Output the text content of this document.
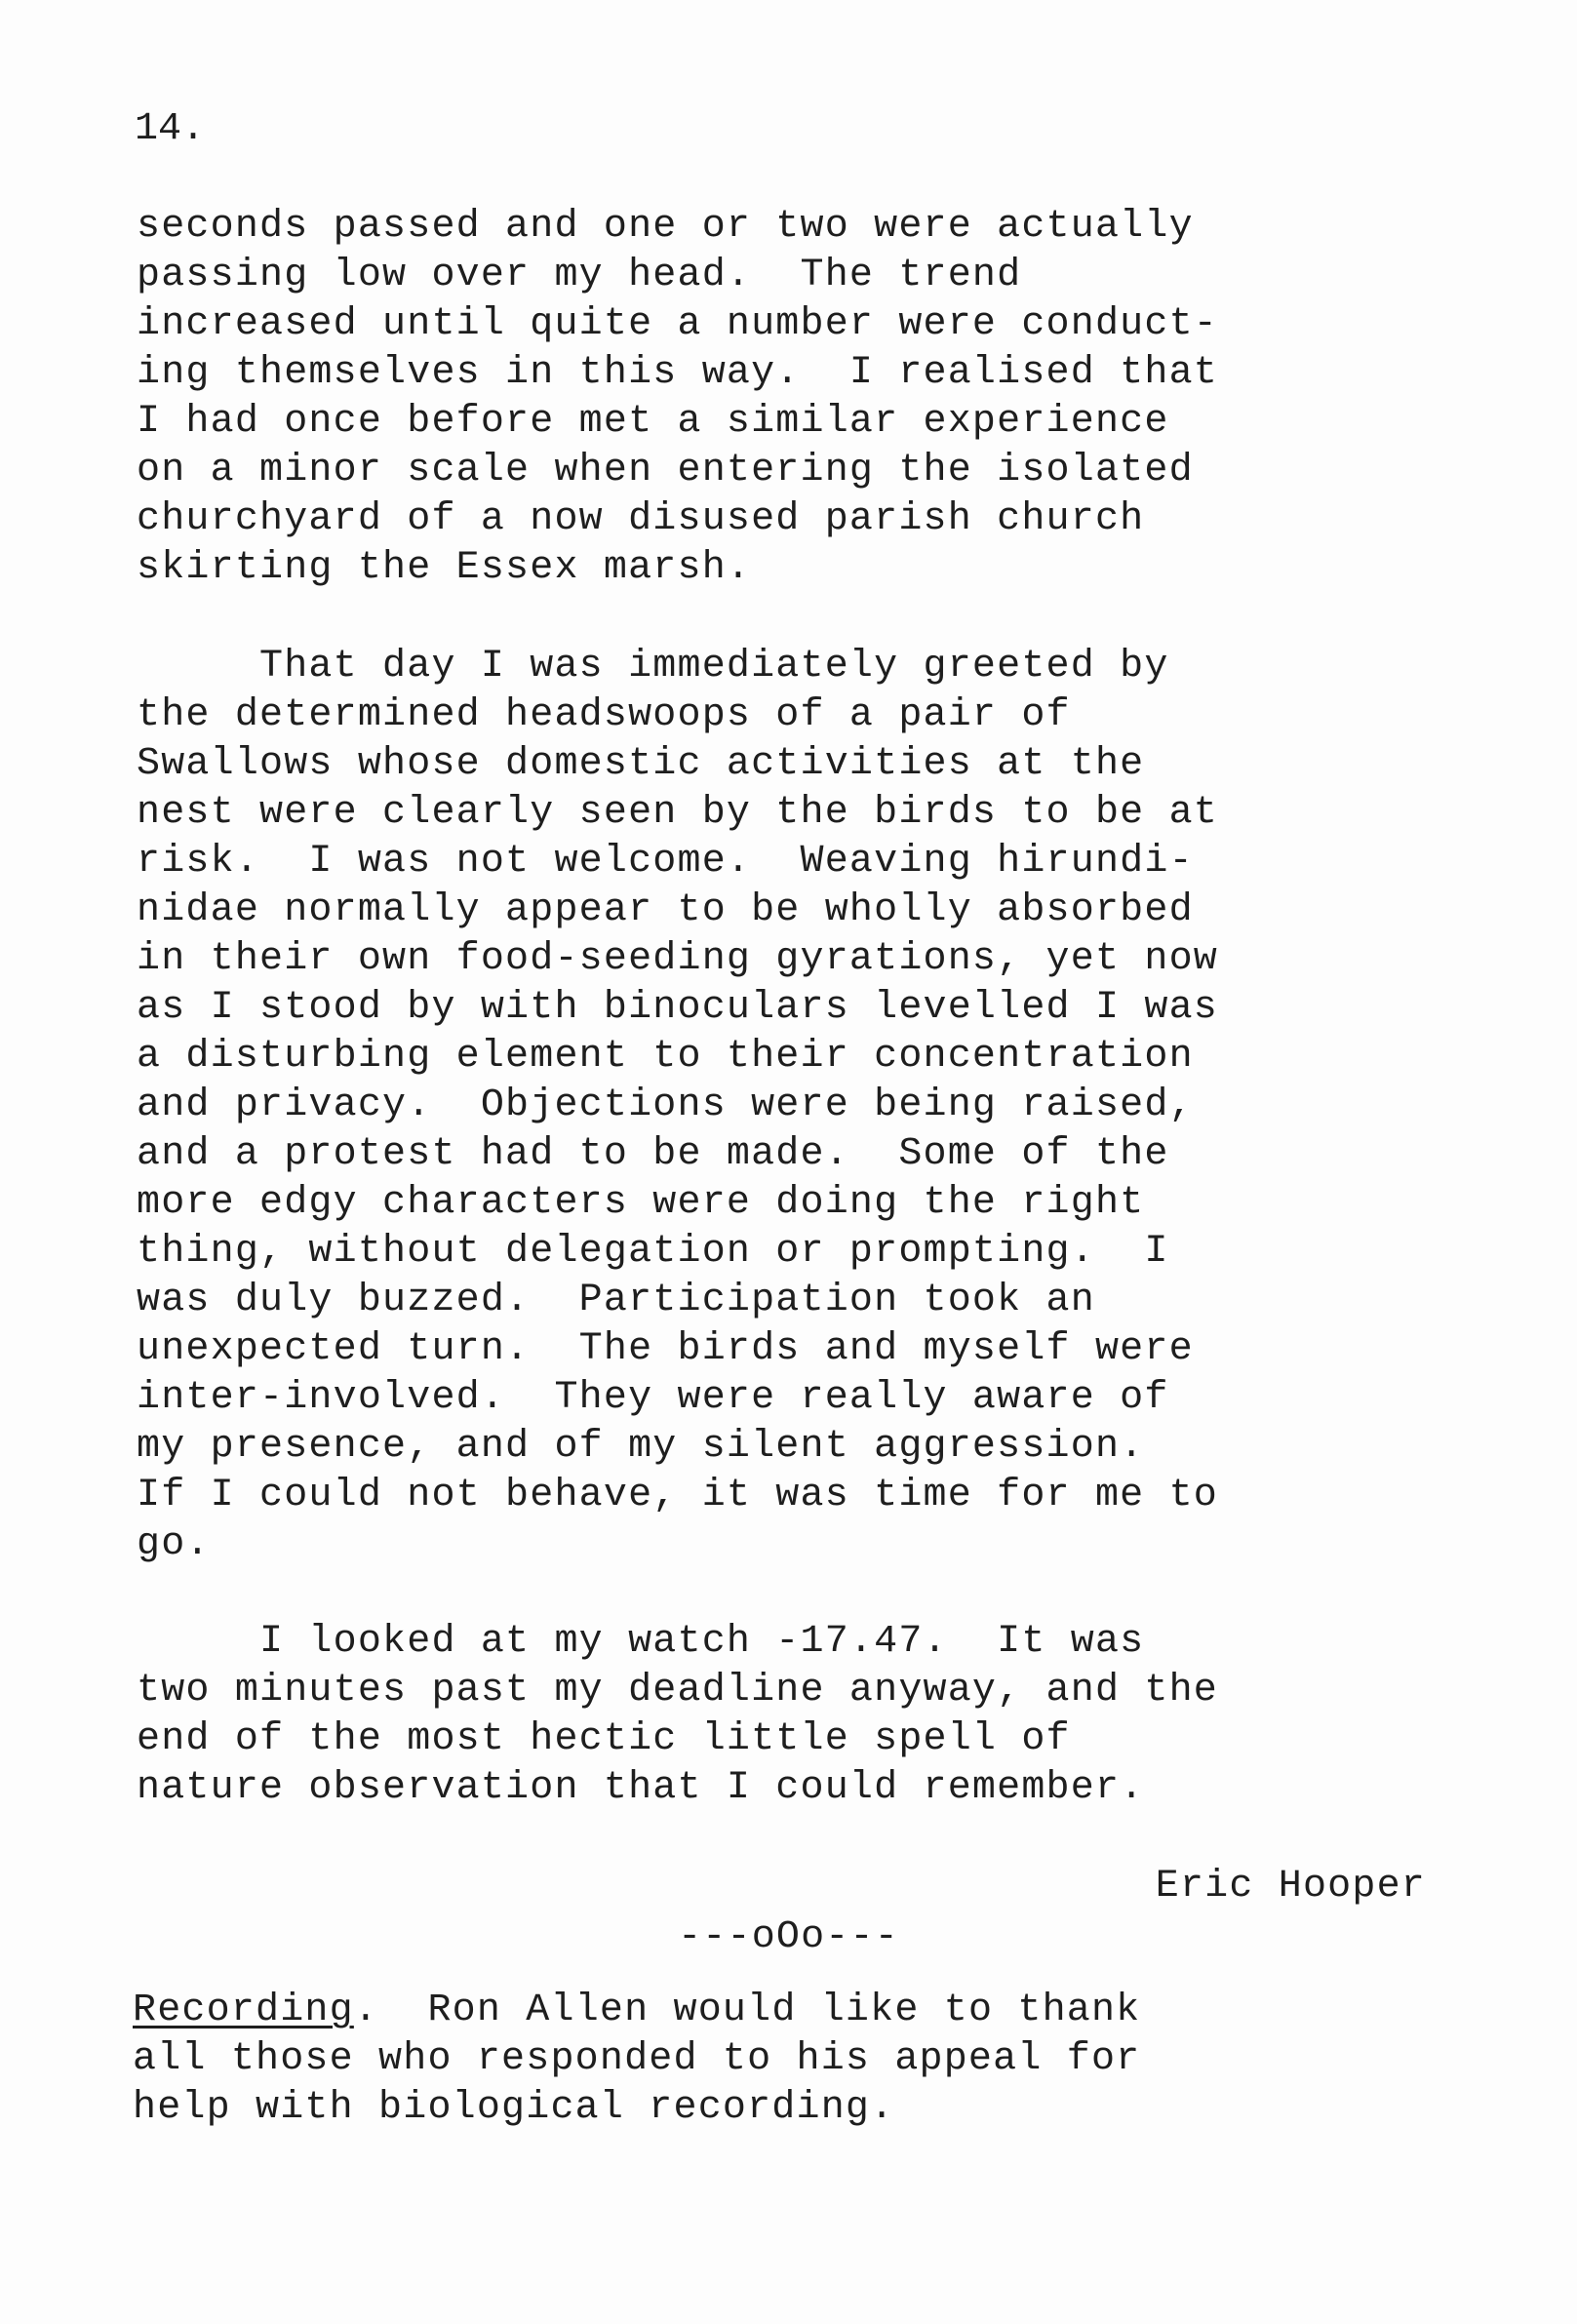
14.
seconds passed and one or two were actually
passing low over my head.  The trend
increased until quite a number were conduct-
ing themselves in this way.  I realised that
I had once before met a similar experience
on a minor scale when entering the isolated
churchyard of a now disused parish church
skirting the Essex marsh.
That day I was immediately greeted by
the determined headswoops of a pair of
Swallows whose domestic activities at the
nest were clearly seen by the birds to be at
risk.  I was not welcome.  Weaving hirundi-
nidae normally appear to be wholly absorbed
in their own food-seeding gyrations, yet now
as I stood by with binoculars levelled I was
a disturbing element to their concentration
and privacy.  Objections were being raised,
and a protest had to be made.  Some of the
more edgy characters were doing the right
thing, without delegation or prompting.  I
was duly buzzed.  Participation took an
unexpected turn.  The birds and myself were
inter-involved.  They were really aware of
my presence, and of my silent aggression.
If I could not behave, it was time for me to
go.
I looked at my watch -17.47.  It was
two minutes past my deadline anyway, and the
end of the most hectic little spell of
nature observation that I could remember.
Eric Hooper
---oOo---
Recording.  Ron Allen would like to thank
all those who responded to his appeal for
help with biological recording.
